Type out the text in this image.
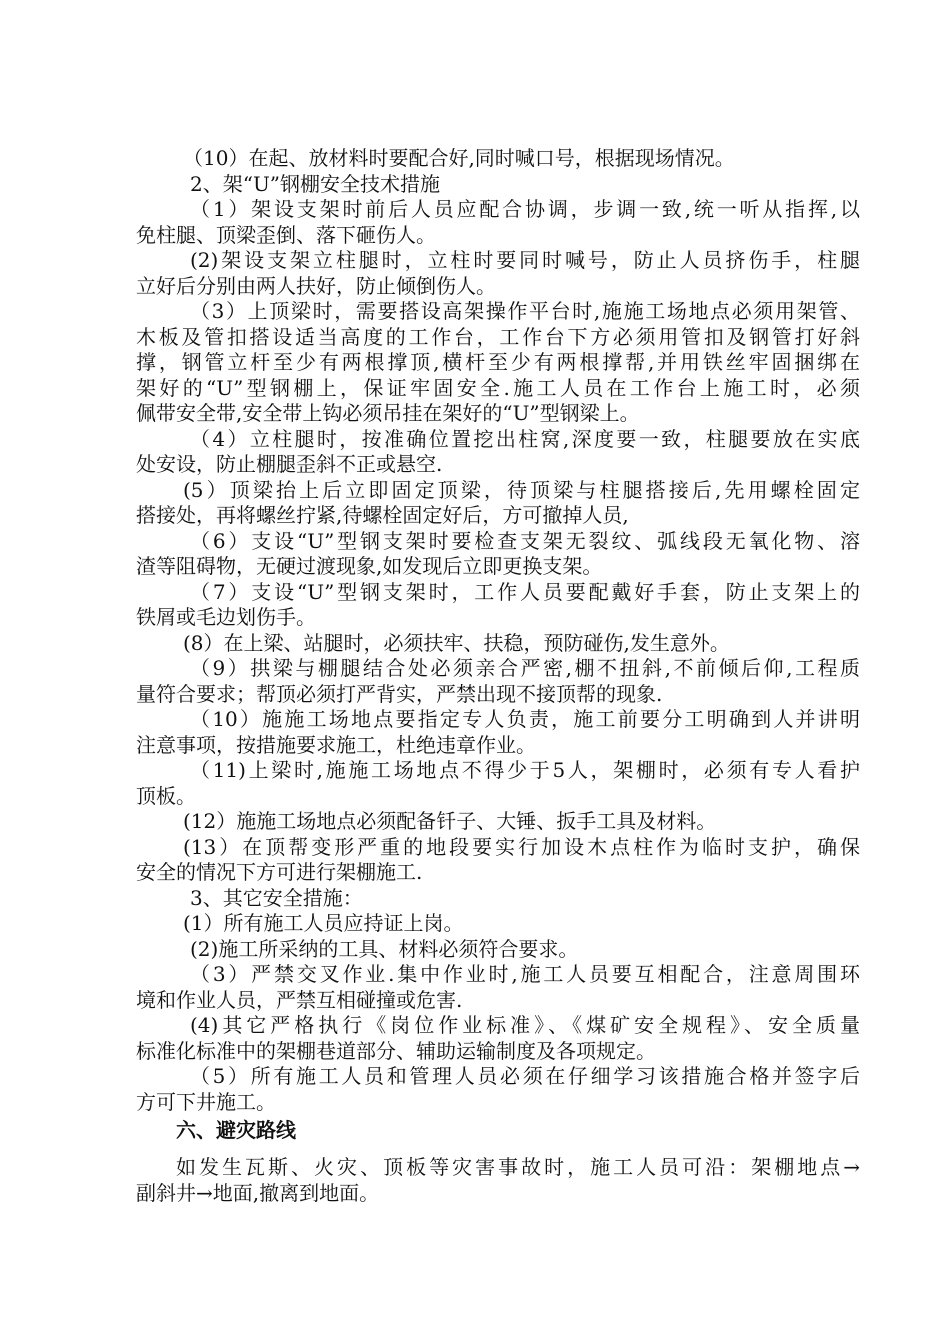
（10）在起、放材料时要配合好,同时喊口号，根据现场情况。
2、架“U”钢棚安全技术措施
（1）架设支架时前后人员应配合协调，步调一致,统一听从指挥,以
免柱腿、顶梁歪倒、落下砸伤人。
(2)架设支架立柱腿时，立柱时要同时喊号，防止人员挤伤手，柱腿
立好后分别由两人扶好，防止倾倒伤人。
（3）上顶梁时，需要搭设高架操作平台时,施施工场地点必须用架管、
木板及管扣搭设适当高度的工作台，工作台下方必须用管扣及钢管打好斜
撑，钢管立杆至少有两根撑顶,横杆至少有两根撑帮,并用铁丝牢固捆绑在
架好的“U”型钢棚上，保证牢固安全.施工人员在工作台上施工时，必须
佩带安全带,安全带上钩必须吊挂在架好的“U”型钢梁上。
（4）立柱腿时，按准确位置挖出柱窝,深度要一致，柱腿要放在实底
处安设，防止棚腿歪斜不正或悬空.
(5）顶梁抬上后立即固定顶梁，待顶梁与柱腿搭接后,先用螺栓固定
搭接处，再将螺丝拧紧,待螺栓固定好后，方可撤掉人员,
（6）支设“U”型钢支架时要检查支架无裂纹、弧线段无氧化物、溶
渣等阻碍物，无硬过渡现象,如发现后立即更换支架。
（7）支设“U”型钢支架时，工作人员要配戴好手套，防止支架上的
铁屑或毛边划伤手。
(8）在上梁、站腿时，必须扶牢、扶稳，预防碰伤,发生意外。
（9）拱梁与棚腿结合处必须亲合严密,棚不扭斜,不前倾后仰,工程质
量符合要求；帮顶必须打严背实，严禁出现不接顶帮的现象.
（10）施施工场地点要指定专人负责，施工前要分工明确到人并讲明
注意事项，按措施要求施工，杜绝违章作业。
（11)上梁时,施施工场地点不得少于5人，架棚时，必须有专人看护
顶板。
(12）施施工场地点必须配备钎子、大锤、扳手工具及材料。
(13）在顶帮变形严重的地段要实行加设木点柱作为临时支护，确保
安全的情况下方可进行架棚施工.
3、其它安全措施：
(1）所有施工人员应持证上岗。
(2)施工所采纳的工具、材料必须符合要求。
（3）严禁交叉作业.集中作业时,施工人员要互相配合，注意周围环
境和作业人员，严禁互相碰撞或危害.
(4)其它严格执行《岗位作业标准》、《煤矿安全规程》、安全质量
标准化标准中的架棚巷道部分、辅助运输制度及各项规定。
（5）所有施工人员和管理人员必须在仔细学习该措施合格并签字后
方可下井施工。
六、避灾路线
如发生瓦斯、火灾、顶板等灾害事故时，施工人员可沿：架棚地点→
副斜井→地面,撤离到地面。
